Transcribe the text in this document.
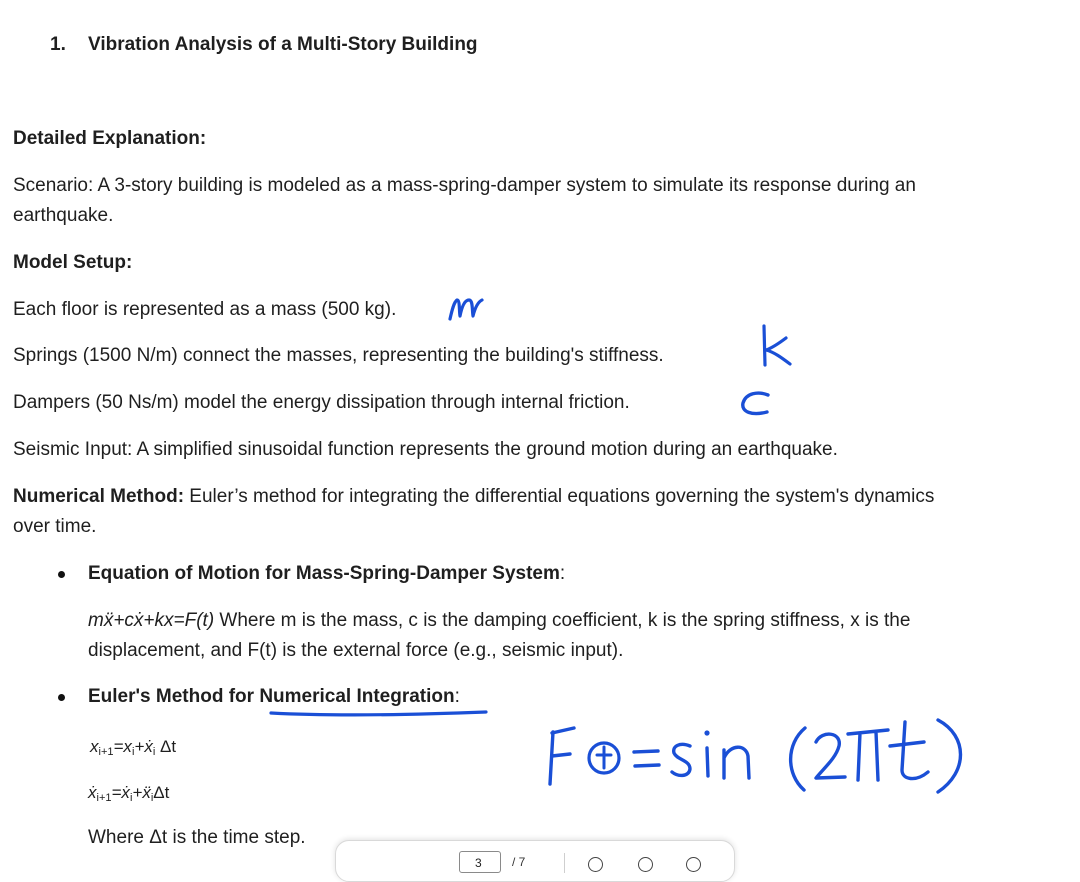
1. Vibration Analysis of a Multi-Story Building
Detailed Explanation:
Scenario: A 3-story building is modeled as a mass-spring-damper system to simulate its response during an
earthquake.
Model Setup:
Each floor is represented as a mass (500 kg).
Springs (1500 N/m) connect the masses, representing the building's stiffness.
Dampers (50 Ns/m) model the energy dissipation through internal friction.
Seismic Input: A simplified sinusoidal function represents the ground motion during an earthquake.
Numerical Method: Euler’s method for integrating the differential equations governing the system's dynamics
over time.
Equation of Motion for Mass-Spring-Damper System:
mẍ+cẋ+kx=F(t) Where m is the mass, c is the damping coefficient, k is the spring stiffness, x is the
displacement, and F(t) is the external force (e.g., seismic input).
Euler's Method for Numerical Integration:
$x_{i+1}=x_i+ẋ_i$ Δt
ẋ$_{i+1}$=ẋ$_i$+ẍ$_i$Δt
Where Δt is the time step.
3	/ 7
